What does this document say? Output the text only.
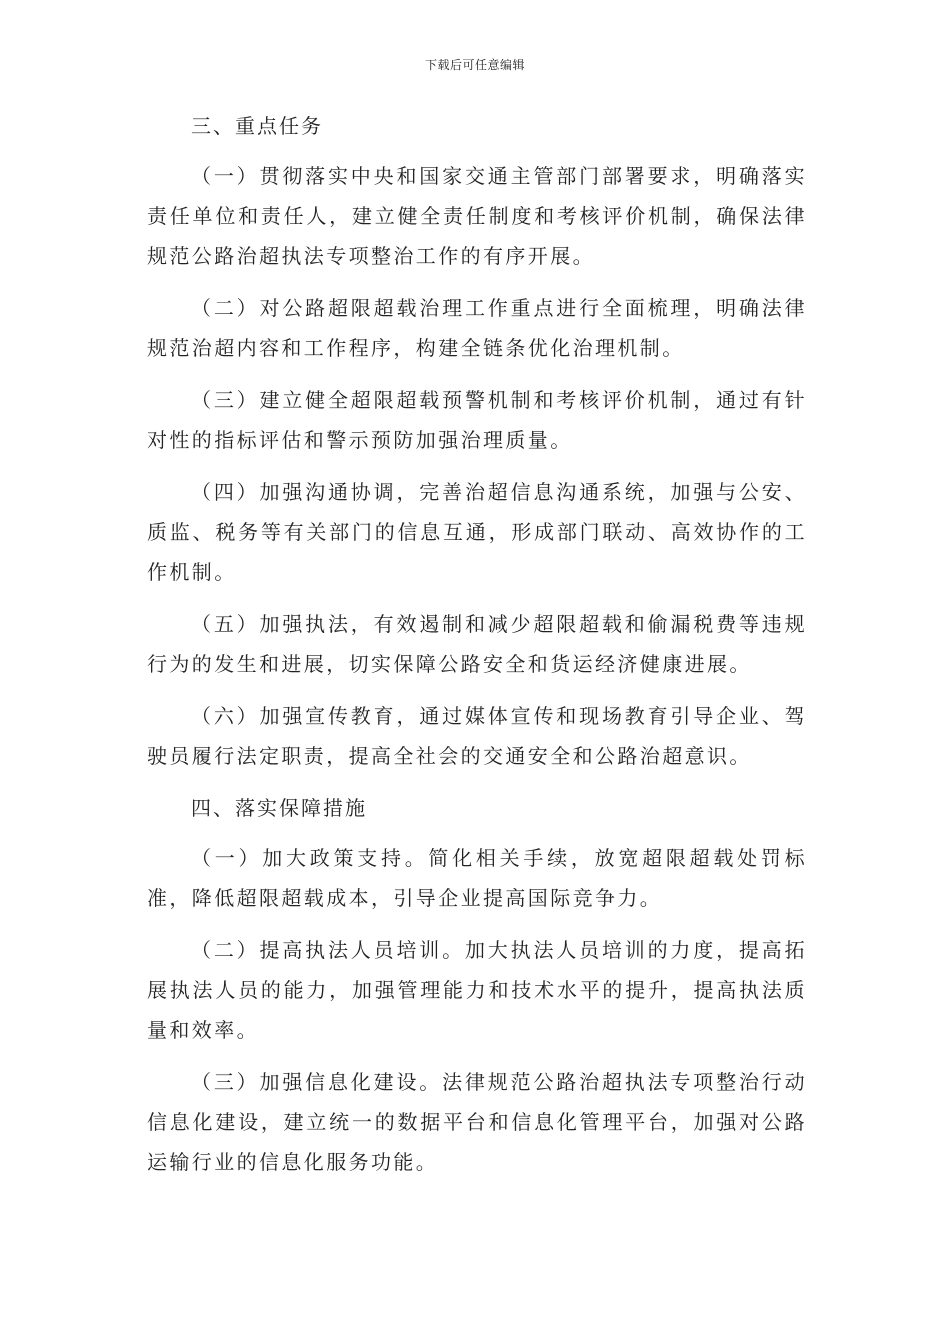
下载后可任意编辑
三、重点任务

（一）贯彻落实中央和国家交通主管部门部署要求，明确落实责任单位和责任人，建立健全责任制度和考核评价机制，确保法律规范公路治超执法专项整治工作的有序开展。

（二）对公路超限超载治理工作重点进行全面梳理，明确法律规范治超内容和工作程序，构建全链条优化治理机制。

（三）建立健全超限超载预警机制和考核评价机制，通过有针对性的指标评估和警示预防加强治理质量。

（四）加强沟通协调，完善治超信息沟通系统，加强与公安、质监、税务等有关部门的信息互通，形成部门联动、高效协作的工作机制。

（五）加强执法，有效遏制和减少超限超载和偷漏税费等违规行为的发生和进展，切实保障公路安全和货运经济健康进展。

（六）加强宣传教育，通过媒体宣传和现场教育引导企业、驾驶员履行法定职责，提高全社会的交通安全和公路治超意识。

四、落实保障措施

（一）加大政策支持。简化相关手续，放宽超限超载处罚标准，降低超限超载成本，引导企业提高国际竞争力。

（二）提高执法人员培训。加大执法人员培训的力度，提高拓展执法人员的能力，加强管理能力和技术水平的提升，提高执法质量和效率。

（三）加强信息化建设。法律规范公路治超执法专项整治行动信息化建设，建立统一的数据平台和信息化管理平台，加强对公路运输行业的信息化服务功能。
